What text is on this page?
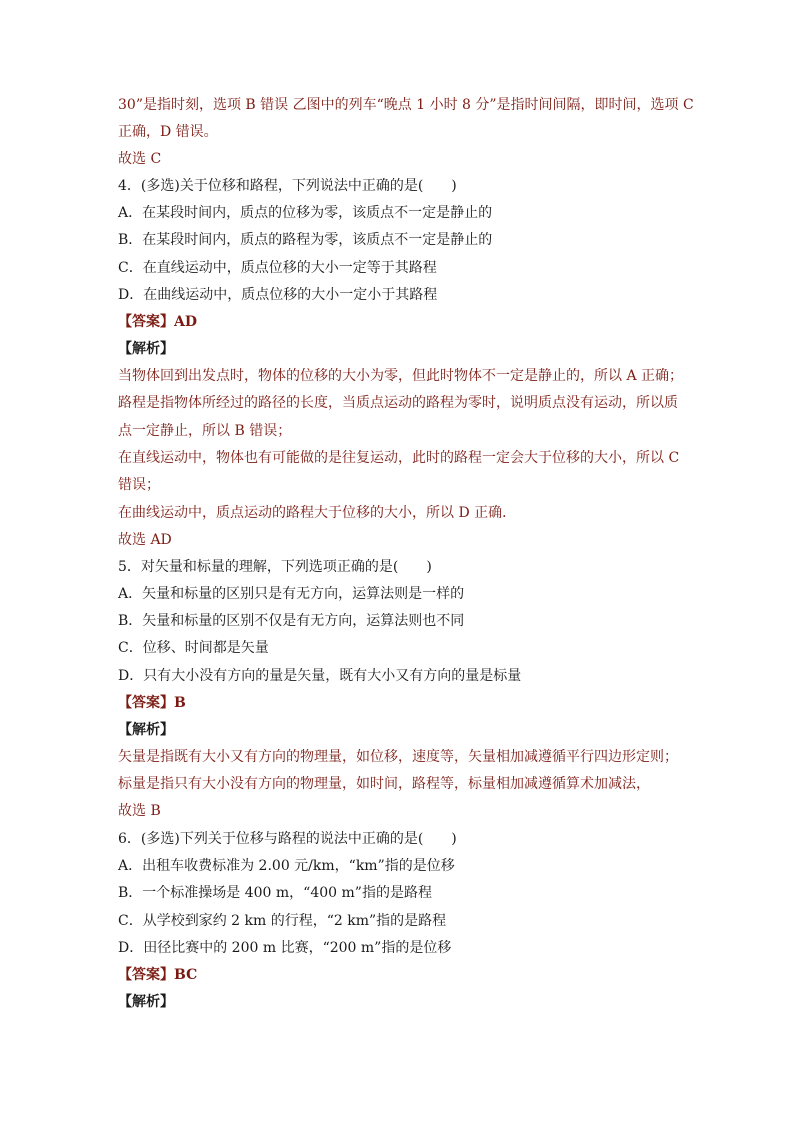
30”是指时刻，选项 B 错误 乙图中的列车“晚点 1 小时 8 分”是指时间间隔，即时间，选项 C
正确，D 错误。
故选 C
4．(多选)关于位移和路程，下列说法中正确的是(　　)
A．在某段时间内，质点的位移为零，该质点不一定是静止的
B．在某段时间内，质点的路程为零，该质点不一定是静止的
C．在直线运动中，质点位移的大小一定等于其路程
D．在曲线运动中，质点位移的大小一定小于其路程
【答案】AD
【解析】
当物体回到出发点时，物体的位移的大小为零，但此时物体不一定是静止的，所以 A 正确；
路程是指物体所经过的路径的长度，当质点运动的路程为零时，说明质点没有运动，所以质
点一定静止，所以 B 错误；
在直线运动中，物体也有可能做的是往复运动，此时的路程一定会大于位移的大小，所以 C
错误；
在曲线运动中，质点运动的路程大于位移的大小，所以 D 正确．
故选 AD
5．对矢量和标量的理解，下列选项正确的是(　　)
A．矢量和标量的区别只是有无方向，运算法则是一样的
B．矢量和标量的区别不仅是有无方向，运算法则也不同
C．位移、时间都是矢量
D．只有大小没有方向的量是矢量，既有大小又有方向的量是标量
【答案】B
【解析】
矢量是指既有大小又有方向的物理量，如位移，速度等，矢量相加减遵循平行四边形定则；
标量是指只有大小没有方向的物理量，如时间，路程等，标量相加减遵循算术加减法，
故选 B
6．(多选)下列关于位移与路程的说法中正确的是(　　)
A．出租车收费标准为 2.00 元/km，“km”指的是位移
B．一个标准操场是 400 m，“400 m”指的是路程
C．从学校到家约 2 km 的行程，“2 km”指的是路程
D．田径比赛中的 200 m 比赛，“200 m”指的是位移
【答案】BC
【解析】
